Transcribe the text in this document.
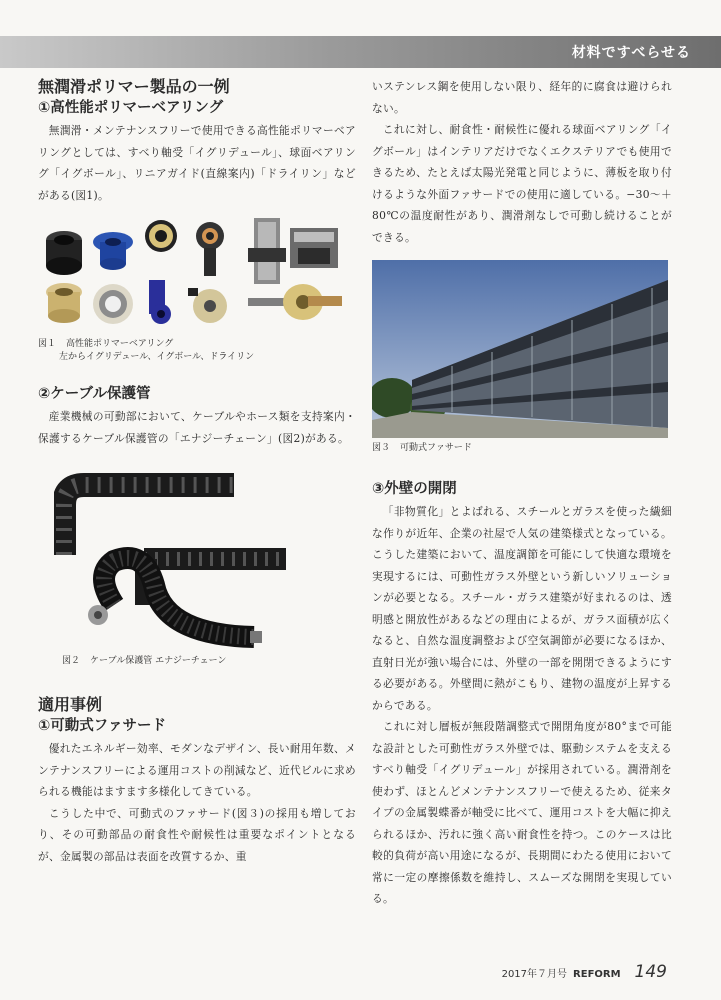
材料ですべらせる
無潤滑ポリマー製品の一例
①高性能ポリマーベアリング

無潤滑・メンテナンスフリーで使用できる高性能ポリマーベアリングとしては、すべり軸受「イグリデュール」、球面ベアリング「イグボール」、リニアガイド(直線案内)「ドライリン」などがある(図1)。

図１ 高性能ポリマーベアリング
左からイグリデュール、イグボール、ドライリン
②ケーブル保護管

産業機械の可動部において、ケーブルやホース類を支持案内・保護するケーブル保護管の「エナジーチェーン」(図2)がある。

図２ ケーブル保護管 エナジーチェーン
適用事例
①可動式ファサード

優れたエネルギー効率、モダンなデザイン、長い耐用年数、メンテナンスフリーによる運用コストの削減など、近代ビルに求められる機能はますます多様化してきている。

こうした中で、可動式のファサード(図３)の採用も増しており、その可動部品の耐食性や耐候性は重要なポイントとなるが、金属製の部品は表面を改質するか、重

いステンレス鋼を使用しない限り、経年的に腐食は避けられない。

これに対し、耐食性・耐候性に優れる球面ベアリング「イグボール」はインテリアだけでなくエクステリアでも使用できるため、たとえば太陽光発電と同じように、薄板を取り付けるような外面ファサードでの使用に適している。−30～＋80℃の温度耐性があり、潤滑剤なしで可動し続けることができる。

図３ 可動式ファサード
③外壁の開閉

「非物質化」とよばれる、スチールとガラスを使った繊細な作りが近年、企業の社屋で人気の建築様式となっている。こうした建築において、温度調節を可能にして快適な環境を実現するには、可動性ガラス外壁という新しいソリューションが必要となる。スチール・ガラス建築が好まれるのは、透明感と開放性があるなどの理由によるが、ガラス面積が広くなると、自然な温度調整および空気調節が必要になるほか、直射日光が強い場合には、外壁の一部を開閉できるようにする必要がある。外壁間に熱がこもり、建物の温度が上昇するからである。

これに対し層板が無段階調整式で開閉角度が80°まで可能な設計とした可動性ガラス外壁では、駆動システムを支えるすべり軸受「イグリデュール」が採用されている。潤滑剤を使わず、ほとんどメンテナンスフリーで使えるため、従来タイプの金属製蝶番が軸受に比べて、運用コストを大幅に抑えられるほか、汚れに強く高い耐食性を持つ。このケースは比較的負荷が高い用途になるが、長期間にわたる使用において常に一定の摩擦係数を維持し、スムーズな開閉を実現している。

2017年７月号 REFORM 149
